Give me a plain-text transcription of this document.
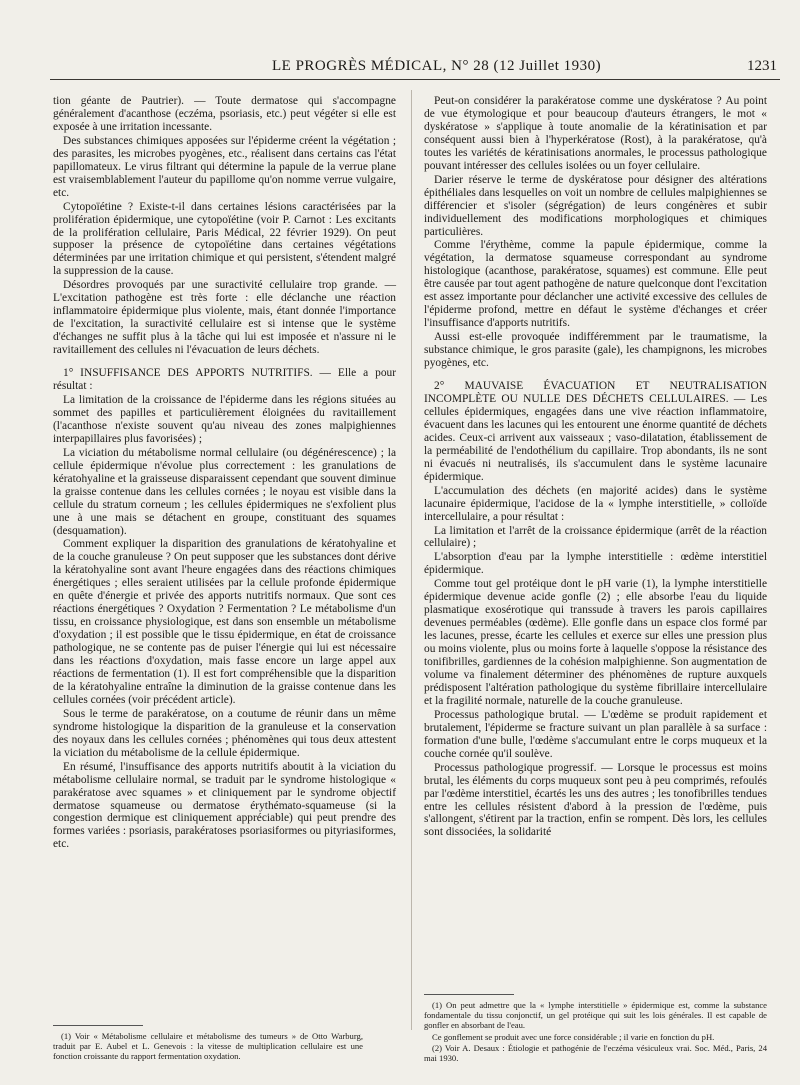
LE PROGRÈS MÉDICAL, N° 28 (12 Juillet 1930)	1231

tion géante de Pautrier). — Toute dermatose qui s'accompagne généralement d'acanthose (eczéma, psoriasis, etc.) peut végéter si elle est exposée à une irritation incessante.

Des substances chimiques apposées sur l'épiderme créent la végétation ; des parasites, les microbes pyogènes, etc., réalisent dans certains cas l'état papillomateux. Le virus filtrant qui détermine la papule de la verrue plane est vraisemblablement l'auteur du papillome qu'on nomme verrue vulgaire, etc.

Cytopoïétine ? Existe-t-il dans certaines lésions caractérisées par la prolifération épidermique, une cytopoïétine (voir P. Carnot : Les excitants de la prolifération cellulaire, Paris Médical, 22 février 1929). On peut supposer la présence de cytopoïétine dans certaines végétations déterminées par une irritation chimique et qui persistent, s'étendent malgré la suppression de la cause.

Désordres provoqués par une suractivité cellulaire trop grande. — L'excitation pathogène est très forte : elle déclanche une réaction inflammatoire épidermique plus violente, mais, étant donnée l'importance de l'excitation, la suractivité cellulaire est si intense que le système d'échanges ne suffit plus à la tâche qui lui est imposée et n'assure ni le ravitaillement des cellules ni l'évacuation de leurs déchets.

1° INSUFFISANCE DES APPORTS NUTRITIFS. — Elle a pour résultat :

La limitation de la croissance de l'épiderme dans les régions situées au sommet des papilles et particulièrement éloignées du ravitaillement (l'acanthose n'existe souvent qu'au niveau des zones malpighiennes interpapillaires plus favorisées) ;

La viciation du métabolisme normal cellulaire (ou dégénérescence) ; la cellule épidermique n'évolue plus correctement : les granulations de kératohyaline et la graisseuse disparaissent cependant que souvent diminue la graisse contenue dans les cellules cornées ; le noyau est visible dans la cellule du stratum corneum ; les cellules épidermiques ne s'exfolient plus une à une mais se détachent en groupe, constituant des squames (desquamation).

Comment expliquer la disparition des granulations de kératohyaline et de la couche granuleuse ? On peut supposer que les substances dont dérive la kératohyaline sont avant l'heure engagées dans des réactions chimiques énergétiques ; elles seraient utilisées par la cellule profonde épidermique en quête d'énergie et privée des apports nutritifs normaux. Que sont ces réactions énergétiques ? Oxydation ? Fermentation ? Le métabolisme d'un tissu, en croissance physiologique, est dans son ensemble un métabolisme d'oxydation ; il est possible que le tissu épidermique, en état de croissance pathologique, ne se contente pas de puiser l'énergie qui lui est nécessaire dans les réactions d'oxydation, mais fasse encore un large appel aux réactions de fermentation (1). Il est fort compréhensible que la disparition de la kératohyaline entraîne la diminution de la graisse contenue dans les cellules cornées (voir précédent article).

Sous le terme de parakératose, on a coutume de réunir dans un même syndrome histologique la disparition de la granuleuse et la conservation des noyaux dans les cellules cornées ; phénomènes qui tous deux attestent la viciation du métabolisme de la cellule épidermique.

En résumé, l'insuffisance des apports nutritifs aboutit à la viciation du métabolisme cellulaire normal, se traduit par le syndrome histologique « parakératose avec squames » et cliniquement par le syndrome objectif dermatose squameuse ou dermatose érythémato-squameuse (si la congestion dermique est cliniquement appréciable) qui peut prendre des formes variées : psoriasis, parakératoses psoriasiformes ou pityriasiformes, etc.

Peut-on considérer la parakératose comme une dyskératose ? Au point de vue étymologique et pour beaucoup d'auteurs étrangers, le mot « dyskératose » s'applique à toute anomalie de la kératinisation et par conséquent aussi bien à l'hyperkératose (Rost), à la parakératose, qu'à toutes les variétés de kératinisations anormales, le processus pathologique pouvant intéresser des cellules isolées ou un foyer cellulaire.

Darier réserve le terme de dyskératose pour désigner des altérations épithéliales dans lesquelles on voit un nombre de cellules malpighiennes se différencier et s'isoler (ségrégation) de leurs congénères et subir individuellement des modifications morphologiques et chimiques particulières.

Comme l'érythème, comme la papule épidermique, comme la végétation, la dermatose squameuse correspondant au syndrome histologique (acanthose, parakératose, squames) est commune. Elle peut être causée par tout agent pathogène de nature quelconque dont l'excitation est assez importante pour déclancher une activité excessive des cellules de l'épiderme profond, mettre en défaut le système d'échanges et créer l'insuffisance d'apports nutritifs.

Aussi est-elle provoquée indifféremment par le traumatisme, la substance chimique, le gros parasite (gale), les champignons, les microbes pyogènes, etc.

2° MAUVAISE ÉVACUATION ET NEUTRALISATION INCOMPLÈTE OU NULLE DES DÉCHETS CELLULAIRES. — Les cellules épidermiques, engagées dans une vive réaction inflammatoire, évacuent dans les lacunes qui les entourent une énorme quantité de déchets acides. Ceux-ci arrivent aux vaisseaux ; vaso-dilatation, établissement de la perméabilité de l'endothélium du capillaire. Trop abondants, ils ne sont ni évacués ni neutralisés, ils s'accumulent dans le système lacunaire épidermique.

L'accumulation des déchets (en majorité acides) dans le système lacunaire épidermique, l'acidose de la « lymphe interstitielle, » colloïde intercellulaire, a pour résultat :

La limitation et l'arrêt de la croissance épidermique (arrêt de la réaction cellulaire) ;

L'absorption d'eau par la lymphe interstitielle : œdème interstitiel épidermique.

Comme tout gel protéique dont le pH varie (1), la lymphe interstitielle épidermique devenue acide gonfle (2) ; elle absorbe l'eau du liquide plasmatique exosérotique qui transsude à travers les parois capillaires devenues perméables (œdème). Elle gonfle dans un espace clos formé par les lacunes, presse, écarte les cellules et exerce sur elles une pression plus ou moins violente, plus ou moins forte à laquelle s'oppose la résistance des tonifibrilles, gardiennes de la cohésion malpighienne. Son augmentation de volume va finalement déterminer des phénomènes de rupture auxquels prédisposent l'altération pathologique du système fibrillaire intercellulaire et la fragilité normale, naturelle de la couche granuleuse.

Processus pathologique brutal. — L'œdème se produit rapidement et brutalement, l'épiderme se fracture suivant un plan parallèle à sa surface : formation d'une bulle, l'œdème s'accumulant entre le corps muqueux et la couche cornée qu'il soulève.

Processus pathologique progressif. — Lorsque le processus est moins brutal, les éléments du corps muqueux sont peu à peu comprimés, refoulés par l'œdème interstitiel, écartés les uns des autres ; les tonofibrilles tendues entre les cellules résistent d'abord à la pression de l'œdème, puis s'allongent, s'étirent par la traction, enfin se rompent. Dès lors, les cellules sont dissociées, la solidarité

(1) Voir « Métabolisme cellulaire et métabolisme des tumeurs » de Otto Warburg, traduit par E. Aubel et L. Genevois : la vitesse de multiplication cellulaire est une fonction croissante du rapport fermentation oxydation.

(1) On peut admettre que la « lymphe interstitielle » épidermique est, comme la substance fondamentale du tissu conjonctif, un gel protéique qui suit les lois générales. Il est capable de gonfler en absorbant de l'eau.

Ce gonflement se produit avec une force considérable ; il varie en fonction du pH.

(2) Voir A. Desaux : Étiologie et pathogénie de l'eczéma vésiculeux vrai. Soc. Méd., Paris, 24 mai 1930.
